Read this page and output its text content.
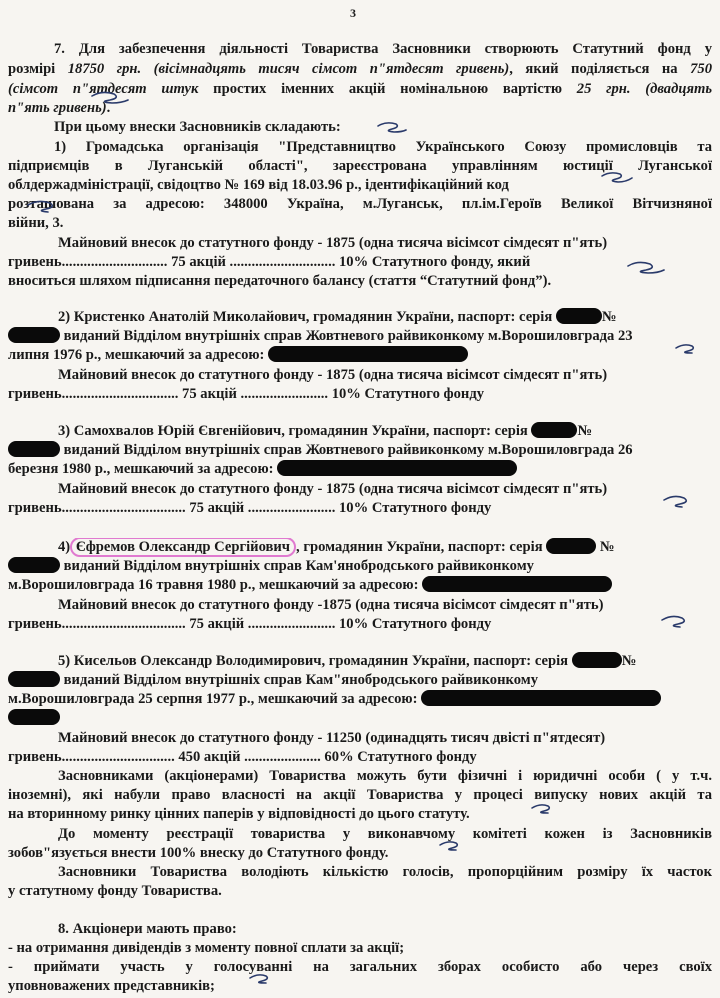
3
7. Для забезпечення діяльності Товариства Засновники створюють Статутний фонд у
розмірі 18750 грн. (вісімнадцять тисяч сімсот п"ятдесят гривень), який поділяється на 750
(сімсот п"ятдесят штук простих іменних акцій номінальною вартістю 25 грн. (двадцять
п"ять гривень).
При цьому внески Засновників складають:
1) Громадська організація "Представництво Українського Союзу промисловців та
підприємців в Луганській області", зареєстрована управлінням юстиції Луганської
облдержадміністрації, свідоцтво № 169 від 18.03.96 р., ідентифікаційний код
розташована за адресою: 348000 Україна, м.Луганськ, пл.ім.Героїв Великої Вітчизняної
війни, 3.
Майновий внесок до статутного фонду - 1875 (одна тисяча вісімсот сімдесят п"ять)
гривень............................. 75 акцій ............................. 10% Статутного фонду, який
вноситься шляхом підписання передаточного балансу (стаття “Статутний фонд”).
2) Кристенко Анатолій Миколайович, громадянин України, паспорт: серія	№
виданий Відділом внутрішніх справ Жовтневого райвиконкому м.Ворошиловграда 23
липня 1976 р., мешкаючий за адресою:
Майновий внесок до статутного фонду - 1875 (одна тисяча вісімсот сімдесят п"ять)
гривень................................ 75 акцій ........................ 10% Статутного фонду
3) Самохвалов Юрій Євгенійович, громадянин України, паспорт: серія	№
виданий Відділом внутрішніх справ Жовтневого райвиконкому м.Ворошиловграда 26
березня 1980 р., мешкаючий за адресою:
Майновий внесок до статутного фонду - 1875 (одна тисяча вісімсот сімдесят п"ять)
гривень.................................. 75 акцій ........................ 10% Статутного фонду
4) Єфремов Олександр Сергійович , громадянин України, паспорт: серія	№
виданий Відділом внутрішніх справ Кам'янобродського райвиконкому
м.Ворошиловграда 16 травня 1980 р., мешкаючий за адресою:
Майновий внесок до статутного фонду -1875 (одна тисяча вісімсот сімдесят п"ять)
гривень.................................. 75 акцій ........................ 10% Статутного фонду
5) Кисельов Олександр Володимирович, громадянин України, паспорт: серія	№
виданий Відділом внутрішніх справ Кам"янобродського райвиконкому
м.Ворошиловграда 25 серпня 1977 р., мешкаючий за адресою:
Майновий внесок до статутного фонду - 11250 (одинадцять тисяч двісті п"ятдесят)
гривень............................... 450 акцій ..................... 60% Статутного фонду
Засновниками (акціонерами) Товариства можуть бути фізичні і юридичні особи ( у т.ч.
іноземні), які набули право власності на акції Товариства у процесі випуску нових акцій та
на вторинному ринку цінних паперів у відповідності до цього статуту.
До моменту реєстрації товариства у виконавчому комітеті кожен із Засновників
зобов"язується внести 100% внеску до Статутного фонду.
Засновники Товариства володіють кількістю голосів, пропорційним розміру їх часток
у статутному фонду Товариства.
8. Акціонери мають право:
- на отримання дивідендів з моменту повної сплати за акції;
- приймати участь у голосуванні на загальних зборах особисто або через своїх
уповноважених представників;
